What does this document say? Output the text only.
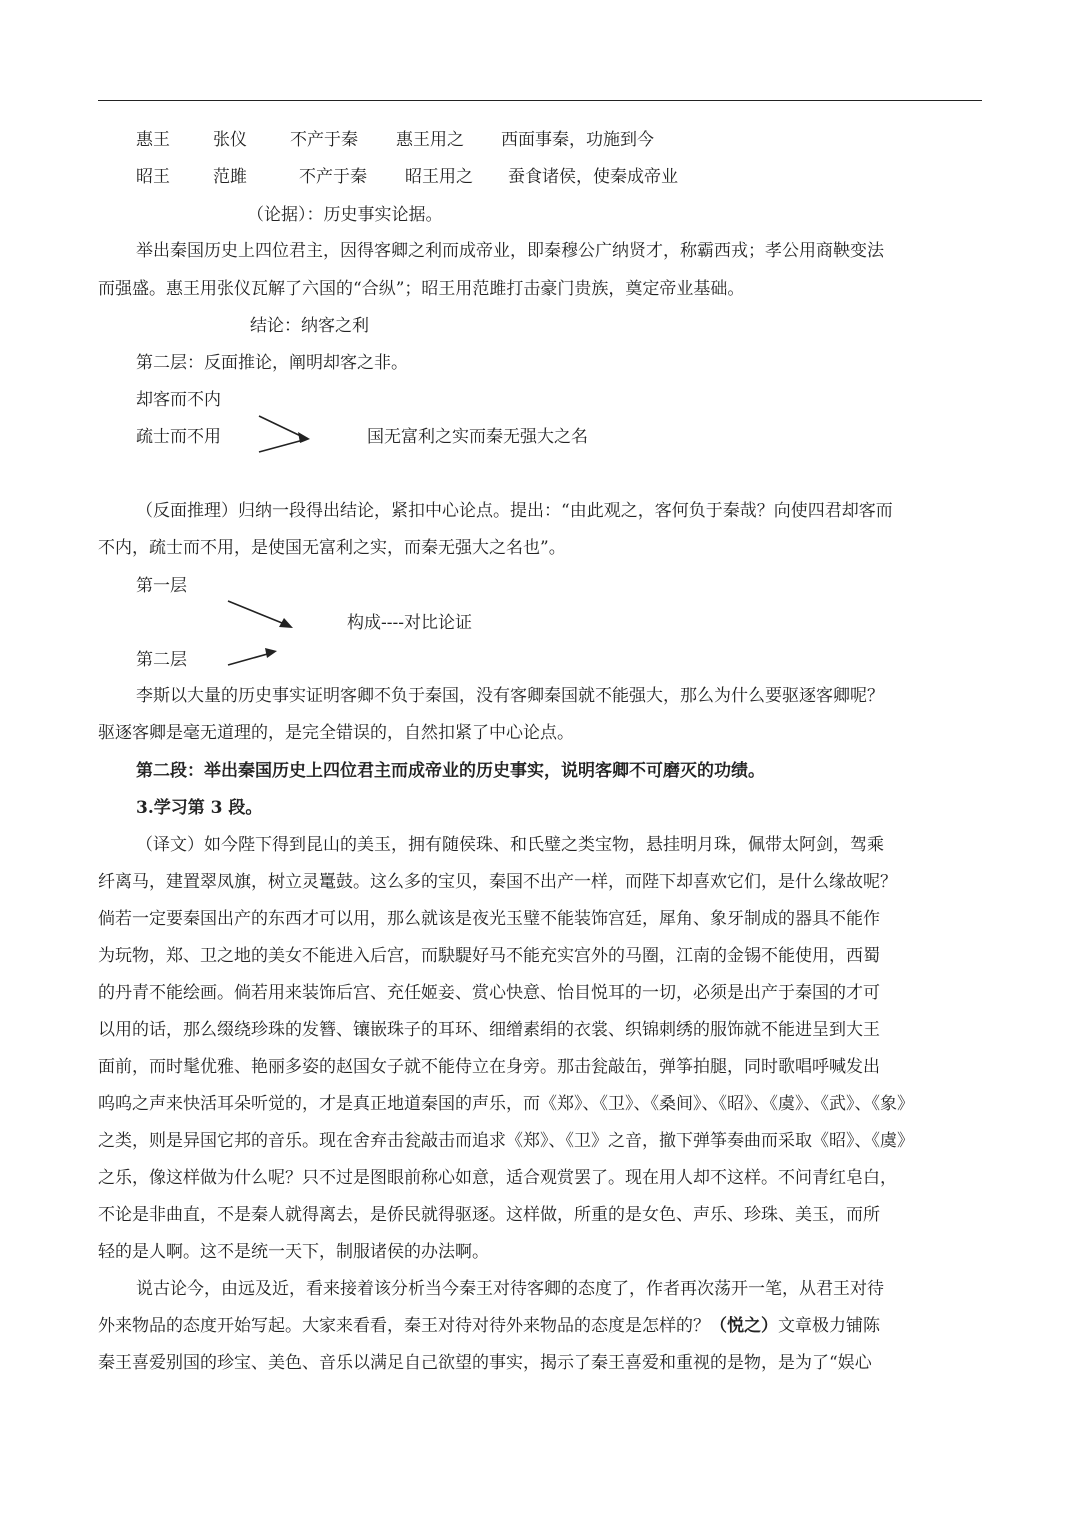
惠王	张仪	不产于秦 惠王用之 西面事秦，功施到今
昭王	范雎	不产于秦 昭王用之 蚕食诸侯，使秦成帝业
（论据）：历史事实论据。
举出秦国历史上四位君主，因得客卿之利而成帝业，即秦穆公广纳贤才，称霸西戎；孝公用商鞅变法
而强盛。惠王用张仪瓦解了六国的“合纵”；昭王用范雎打击豪门贵族，奠定帝业基础。
结论：纳客之利
第二层：反面推论，阐明却客之非。
却客而不内
疏士而不用	国无富利之实而秦无强大之名
（反面推理）归纳一段得出结论，紧扣中心论点。提出：“由此观之，客何负于秦哉？向使四君却客而
不内，疏士而不用，是使国无富利之实，而秦无强大之名也”。
第一层
构成----对比论证
第二层
李斯以大量的历史事实证明客卿不负于秦国，没有客卿秦国就不能强大，那么为什么要驱逐客卿呢？
驱逐客卿是毫无道理的，是完全错误的，自然扣紧了中心论点。
第二段：举出秦国历史上四位君主而成帝业的历史事实，说明客卿不可磨灭的功绩。
3.学习第 3 段。
（译文）如今陛下得到昆山的美玉，拥有随侯珠、和氏璧之类宝物，悬挂明月珠，佩带太阿剑，驾乘
纤离马，建置翠凤旗，树立灵鼍鼓。这么多的宝贝，秦国不出产一样，而陛下却喜欢它们，是什么缘故呢？
倘若一定要秦国出产的东西才可以用，那么就该是夜光玉璧不能装饰宫廷，犀角、象牙制成的器具不能作
为玩物，郑、卫之地的美女不能进入后宫，而駃騠好马不能充实宫外的马圈，江南的金锡不能使用，西蜀
的丹青不能绘画。倘若用来装饰后宫、充任姬妾、赏心快意、怡目悦耳的一切，必须是出产于秦国的才可
以用的话，那么缀绕珍珠的发簪、镶嵌珠子的耳环、细缯素绢的衣裳、织锦刺绣的服饰就不能进呈到大王
面前，而时髦优雅、艳丽多姿的赵国女子就不能侍立在身旁。那击瓮敲缶，弹筝拍腿，同时歌唱呼喊发出
呜呜之声来快活耳朵听觉的，才是真正地道秦国的声乐，而《郑》、《卫》、《桑间》、《昭》、《虞》、《武》、《象》
之类，则是异国它邦的音乐。现在舍弃击瓮敲击而追求《郑》、《卫》之音，撤下弹筝奏曲而采取《昭》、《虞》
之乐，像这样做为什么呢？只不过是图眼前称心如意，适合观赏罢了。现在用人却不这样。不问青红皂白，
不论是非曲直，不是秦人就得离去，是侨民就得驱逐。这样做，所重的是女色、声乐、珍珠、美玉，而所
轻的是人啊。这不是统一天下，制服诸侯的办法啊。
说古论今，由远及近，看来接着该分析当今秦王对待客卿的态度了，作者再次荡开一笔，从君王对待
外来物品的态度开始写起。大家来看看，秦王对待对待外来物品的态度是怎样的？（悦之）文章极力铺陈
秦王喜爱别国的珍宝、美色、音乐以满足自己欲望的事实，揭示了秦王喜爱和重视的是物，是为了“娱心
